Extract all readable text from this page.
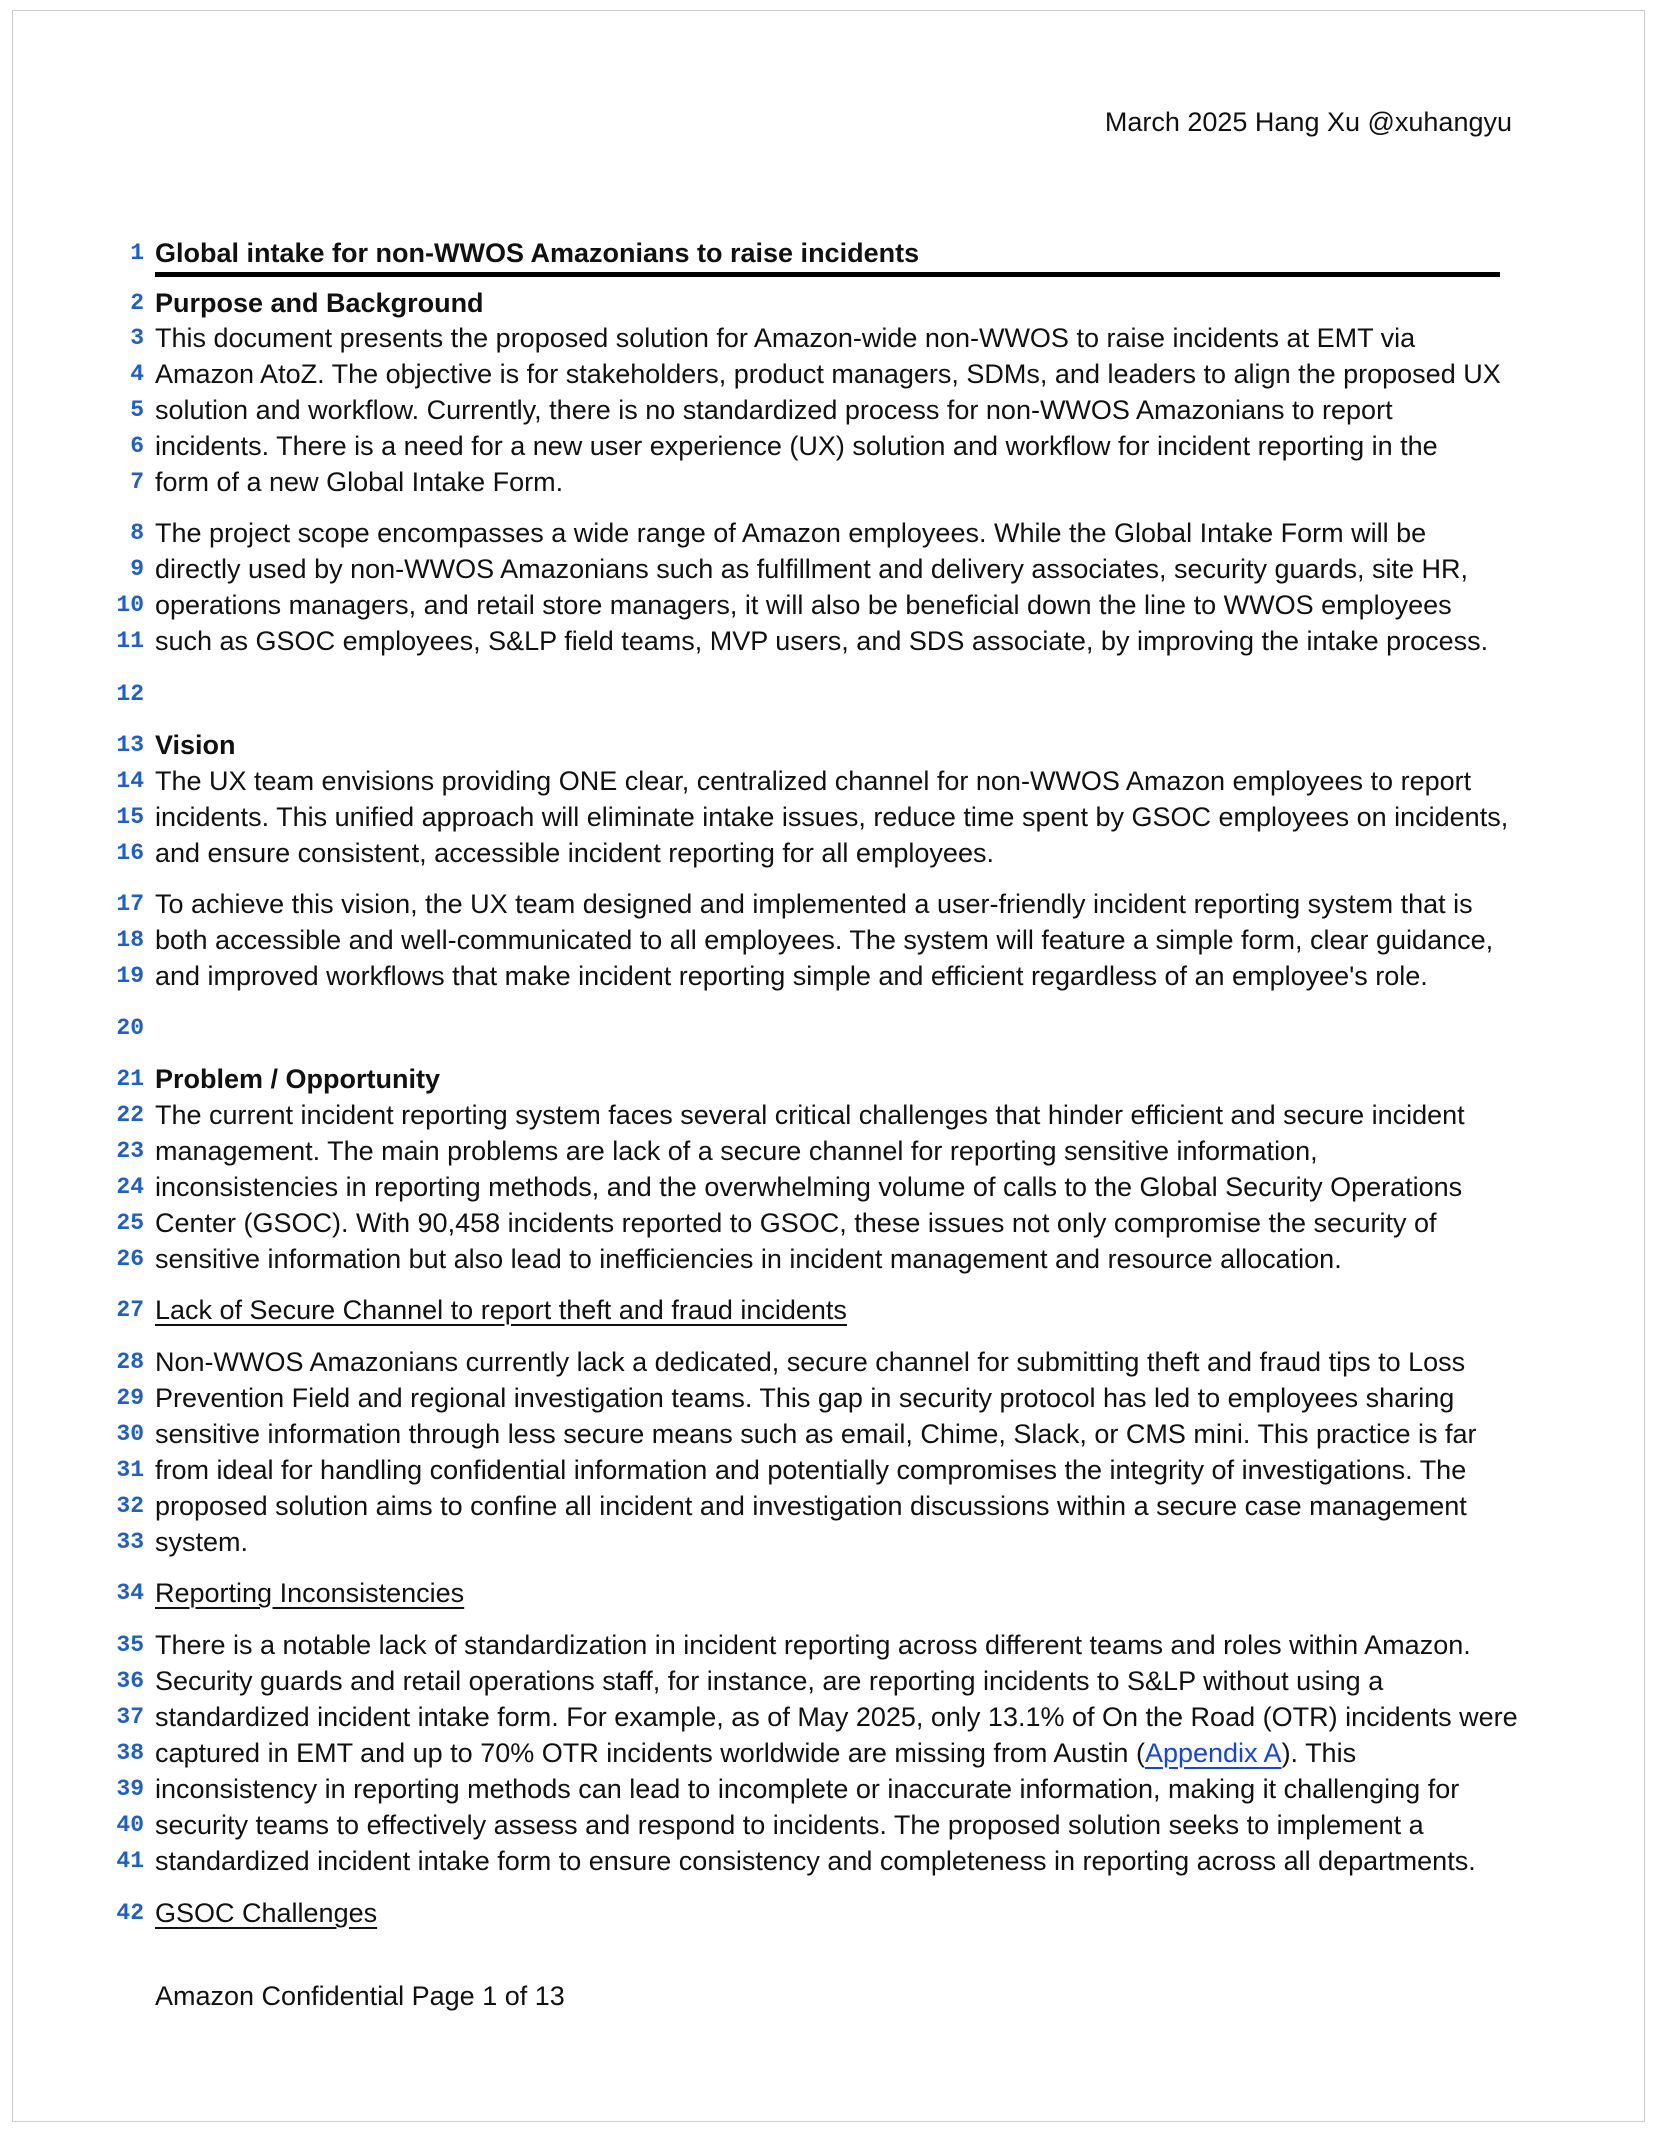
March 2025 Hang Xu @xuhangyu
1 Global intake for non-WWOS Amazonians to raise incidents
2 Purpose and Background
3 This document presents the proposed solution for Amazon-wide non-WWOS to raise incidents at EMT via
4 Amazon AtoZ. The objective is for stakeholders, product managers, SDMs, and leaders to align the proposed UX
5 solution and workflow. Currently, there is no standardized process for non-WWOS Amazonians to report
6 incidents. There is a need for a new user experience (UX) solution and workflow for incident reporting in the
7 form of a new Global Intake Form.
8 The project scope encompasses a wide range of Amazon employees. While the Global Intake Form will be
9 directly used by non-WWOS Amazonians such as fulfillment and delivery associates, security guards, site HR,
10 operations managers, and retail store managers, it will also be beneficial down the line to WWOS employees
11 such as GSOC employees, S&LP field teams, MVP users, and SDS associate, by improving the intake process.
12
13 Vision
14 The UX team envisions providing ONE clear, centralized channel for non-WWOS Amazon employees to report
15 incidents. This unified approach will eliminate intake issues, reduce time spent by GSOC employees on incidents,
16 and ensure consistent, accessible incident reporting for all employees.
17 To achieve this vision, the UX team designed and implemented a user-friendly incident reporting system that is
18 both accessible and well-communicated to all employees. The system will feature a simple form, clear guidance,
19 and improved workflows that make incident reporting simple and efficient regardless of an employee's role.
20
21 Problem / Opportunity
22 The current incident reporting system faces several critical challenges that hinder efficient and secure incident
23 management. The main problems are lack of a secure channel for reporting sensitive information,
24 inconsistencies in reporting methods, and the overwhelming volume of calls to the Global Security Operations
25 Center (GSOC). With 90,458 incidents reported to GSOC, these issues not only compromise the security of
26 sensitive information but also lead to inefficiencies in incident management and resource allocation.
27 Lack of Secure Channel to report theft and fraud incidents
28 Non-WWOS Amazonians currently lack a dedicated, secure channel for submitting theft and fraud tips to Loss
29 Prevention Field and regional investigation teams. This gap in security protocol has led to employees sharing
30 sensitive information through less secure means such as email, Chime, Slack, or CMS mini. This practice is far
31 from ideal for handling confidential information and potentially compromises the integrity of investigations. The
32 proposed solution aims to confine all incident and investigation discussions within a secure case management
33 system.
34 Reporting Inconsistencies
35 There is a notable lack of standardization in incident reporting across different teams and roles within Amazon.
36 Security guards and retail operations staff, for instance, are reporting incidents to S&LP without using a
37 standardized incident intake form. For example, as of May 2025, only 13.1% of On the Road (OTR) incidents were
38 captured in EMT and up to 70% OTR incidents worldwide are missing from Austin (Appendix A). This
39 inconsistency in reporting methods can lead to incomplete or inaccurate information, making it challenging for
40 security teams to effectively assess and respond to incidents. The proposed solution seeks to implement a
41 standardized incident intake form to ensure consistency and completeness in reporting across all departments.
42 GSOC Challenges
Amazon Confidential Page 1 of 13
